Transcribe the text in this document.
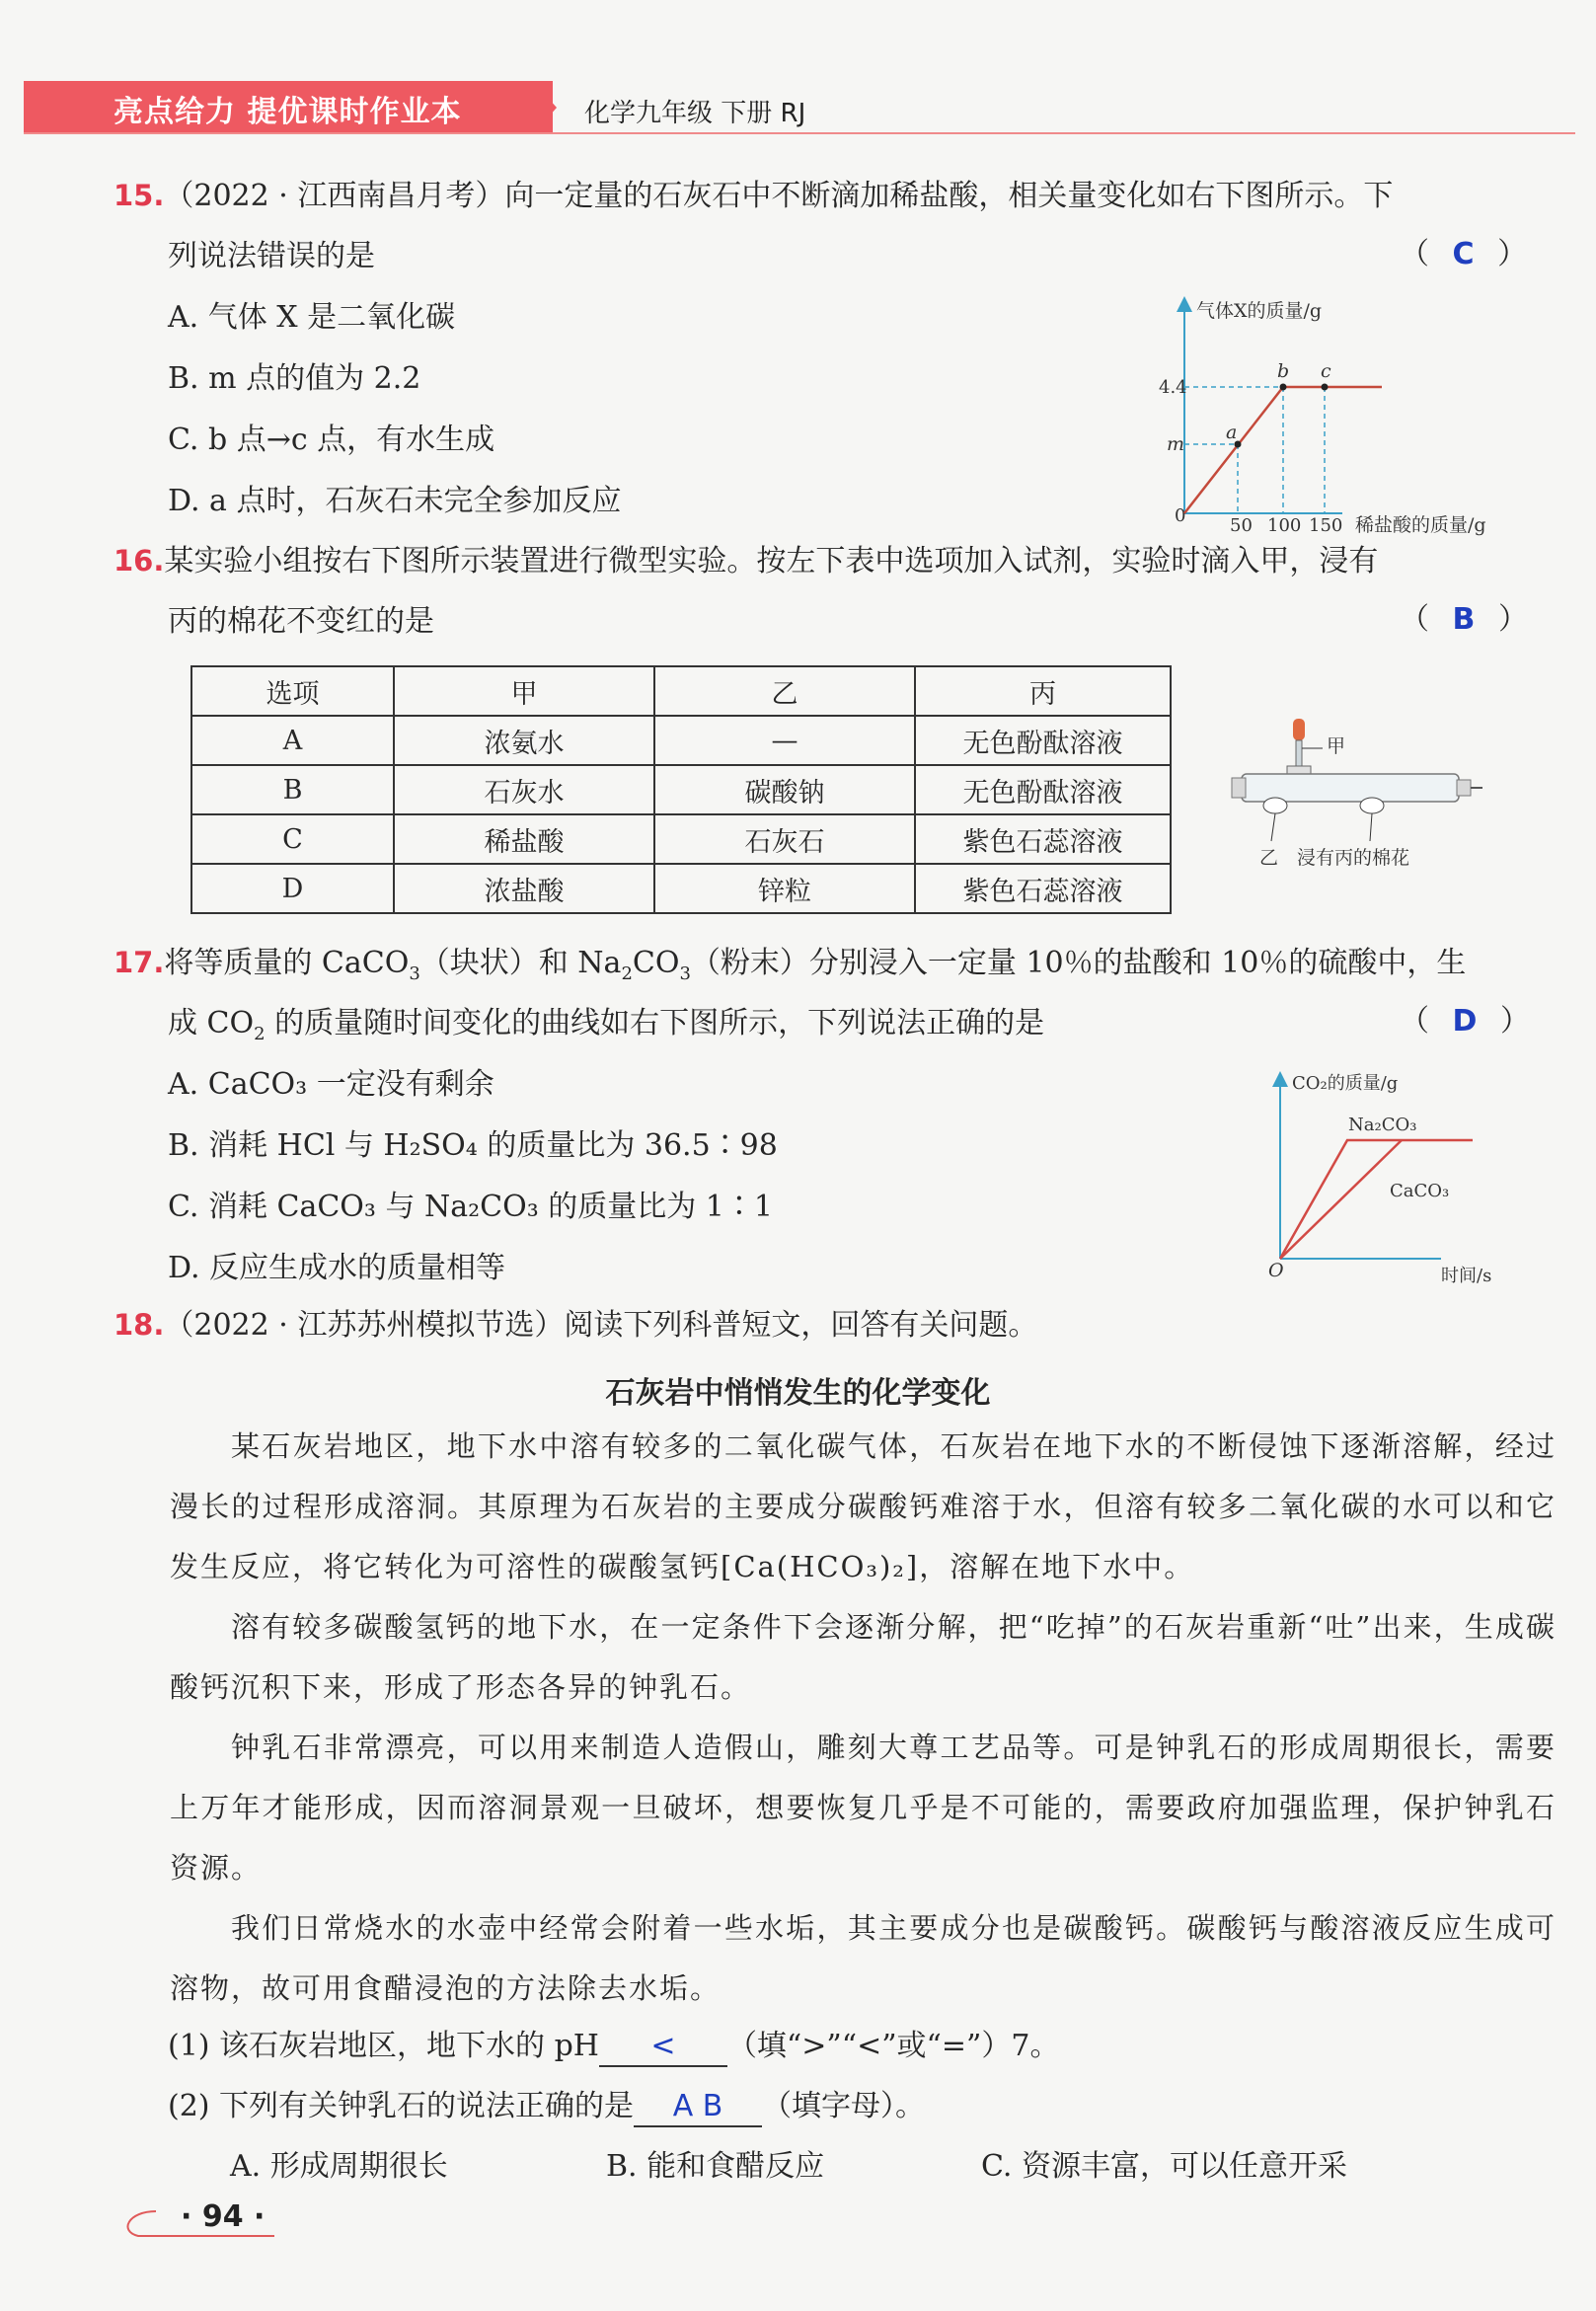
亮点给力 提优课时作业本	化学九年级 下册 RJ
15.（2022 · 江西南昌月考）向一定量的石灰石中不断滴加稀盐酸，相关量变化如右下图所示。下
列说法错误的是	（ C ）
A. 气体 X 是二氧化碳
B. m 点的值为 2.2
C. b 点→c 点，有水生成
D. a 点时，石灰石未完全参加反应
气体X的质量/g
稀盐酸的质量/g
4.4
m
0 50 100 150
a
b c
16.某实验小组按右下图所示装置进行微型实验。按左下表中选项加入试剂，实验时滴入甲，浸有
丙的棉花不变红的是	（ B ）
选项	甲	乙	丙
A	浓氨水	—	无色酚酞溶液
B	石灰水	碳酸钠	无色酚酞溶液
C	稀盐酸	石灰石	紫色石蕊溶液
D	浓盐酸	锌粒	紫色石蕊溶液
甲
乙 浸有丙的棉花
17.将等质量的 CaCO$_3$（块状）和 $Na_2CO_3$（粉末）分别浸入一定量 10％的盐酸和 10％的硫酸中，生
成 $CO_2$ 的质量随时间变化的曲线如右下图所示，下列说法正确的是	（ D ）
A. CaCO₃ 一定没有剩余
B. 消耗 HCl 与 H₂SO₄ 的质量比为 36.5∶98
C. 消耗 CaCO₃ 与 Na₂CO₃ 的质量比为 1∶1
D. 反应生成水的质量相等
CO₂的质量/g
时间/s
O
Na₂CO₃
CaCO₃
18.（2022 · 江苏苏州模拟节选）阅读下列科普短文，回答有关问题。
石灰岩中悄悄发生的化学变化
某石灰岩地区，地下水中溶有较多的二氧化碳气体，石灰岩在地下水的不断侵蚀下逐渐溶解，经过漫长的过程形成溶洞。其原理为石灰岩的主要成分碳酸钙难溶于水，但溶有较多二氧化碳的水可以和它发生反应，将它转化为可溶性的碳酸氢钙[Ca(HCO₃)₂]，溶解在地下水中。
溶有较多碳酸氢钙的地下水，在一定条件下会逐渐分解，把“吃掉”的石灰岩重新“吐”出来，生成碳酸钙沉积下来，形成了形态各异的钟乳石。
钟乳石非常漂亮，可以用来制造人造假山，雕刻大尊工艺品等。可是钟乳石的形成周期很长，需要上万年才能形成，因而溶洞景观一旦破坏，想要恢复几乎是不可能的，需要政府加强监理，保护钟乳石资源。
我们日常烧水的水壶中经常会附着一些水垢，其主要成分也是碳酸钙。碳酸钙与酸溶液反应生成可溶物，故可用食醋浸泡的方法除去水垢。
(1) 该石灰岩地区，地下水的 pH < （填“>”“<”或“=”）7。
(2) 下列有关钟乳石的说法正确的是 A B （填字母）。
A. 形成周期很长	B. 能和食醋反应	C. 资源丰富，可以任意开采
· 94 ·
